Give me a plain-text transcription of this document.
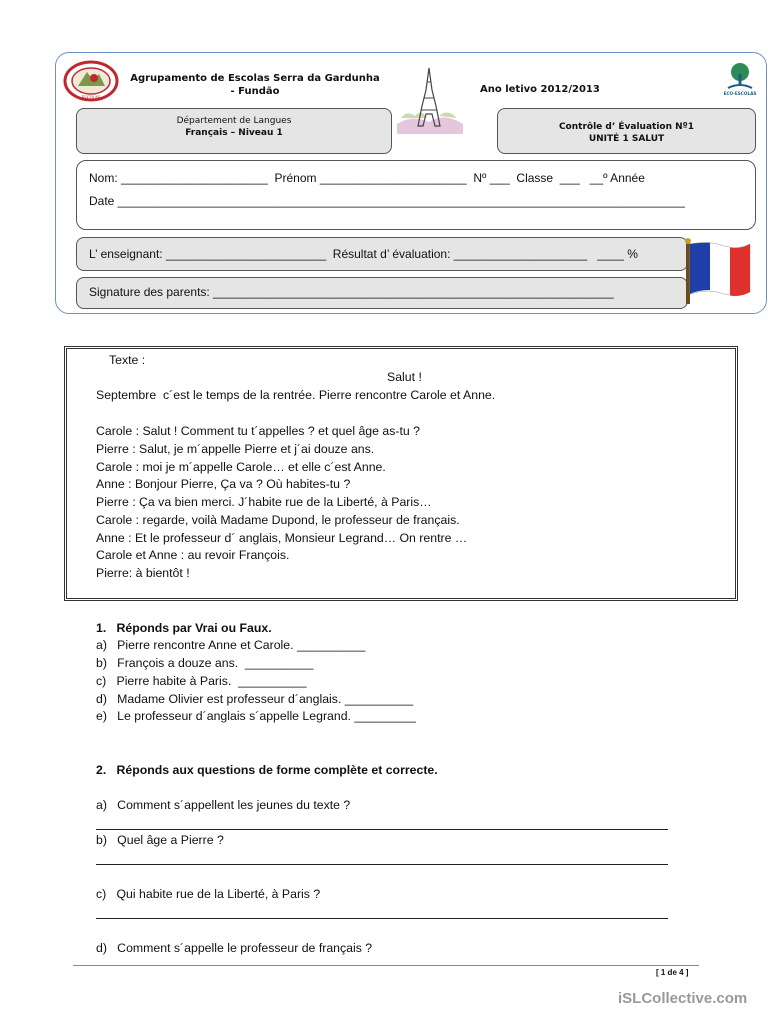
ESCOLAS
Agrupamento de Escolas Serra da Gardunha
- Fundão	Ano letivo 2012/2013	ECO-ESCOLAS
Département de Langues
Français – Niveau 1
Contrôle d’ Évaluation Nº1
UNITÉ 1 SALUT
Nom: ______________________  Prénom ______________________  Nº ___  Classe  ___   __º Année
Date _____________________________________________________________________________________
L’ enseignant: ________________________  Résultat d’ évaluation: ____________________   ____ %
Signature des parents: ____________________________________________________________
Texte :
Salut !
Septembre  c´est le temps de la rentrée. Pierre rencontre Carole et Anne.
Carole : Salut ! Comment tu t´appelles ? et quel âge as-tu ?
Pierre : Salut, je m´appelle Pierre et j´ai douze ans.
Carole : moi je m´appelle Carole… et elle c´est Anne.
Anne : Bonjour Pierre, Ça va ? Où habites-tu ?
Pierre : Ça va bien merci. J´habite rue de la Liberté, à Paris…
Carole : regarde, voilà Madame Dupond, le professeur de français.
Anne : Et le professeur d´ anglais, Monsieur Legrand… On rentre …
Carole et Anne : au revoir François.
Pierre: à bientôt !
1.   Réponds par Vrai ou Faux.
a)   Pierre rencontre Anne et Carole. __________
b)   François a douze ans.  __________
c)   Pierre habite à Paris.  __________
d)   Madame Olivier est professeur d´anglais. __________
e)   Le professeur d´anglais s´appelle Legrand. _________
2.   Réponds aux questions de forme complète et correcte.
a)   Comment s´appellent les jeunes du texte ?
b)   Quel âge a Pierre ?
c)   Qui habite rue de la Liberté, à Paris ?
d)   Comment s´appelle le professeur de français ?
[ 1 de 4 ]
iSLCollective.com
